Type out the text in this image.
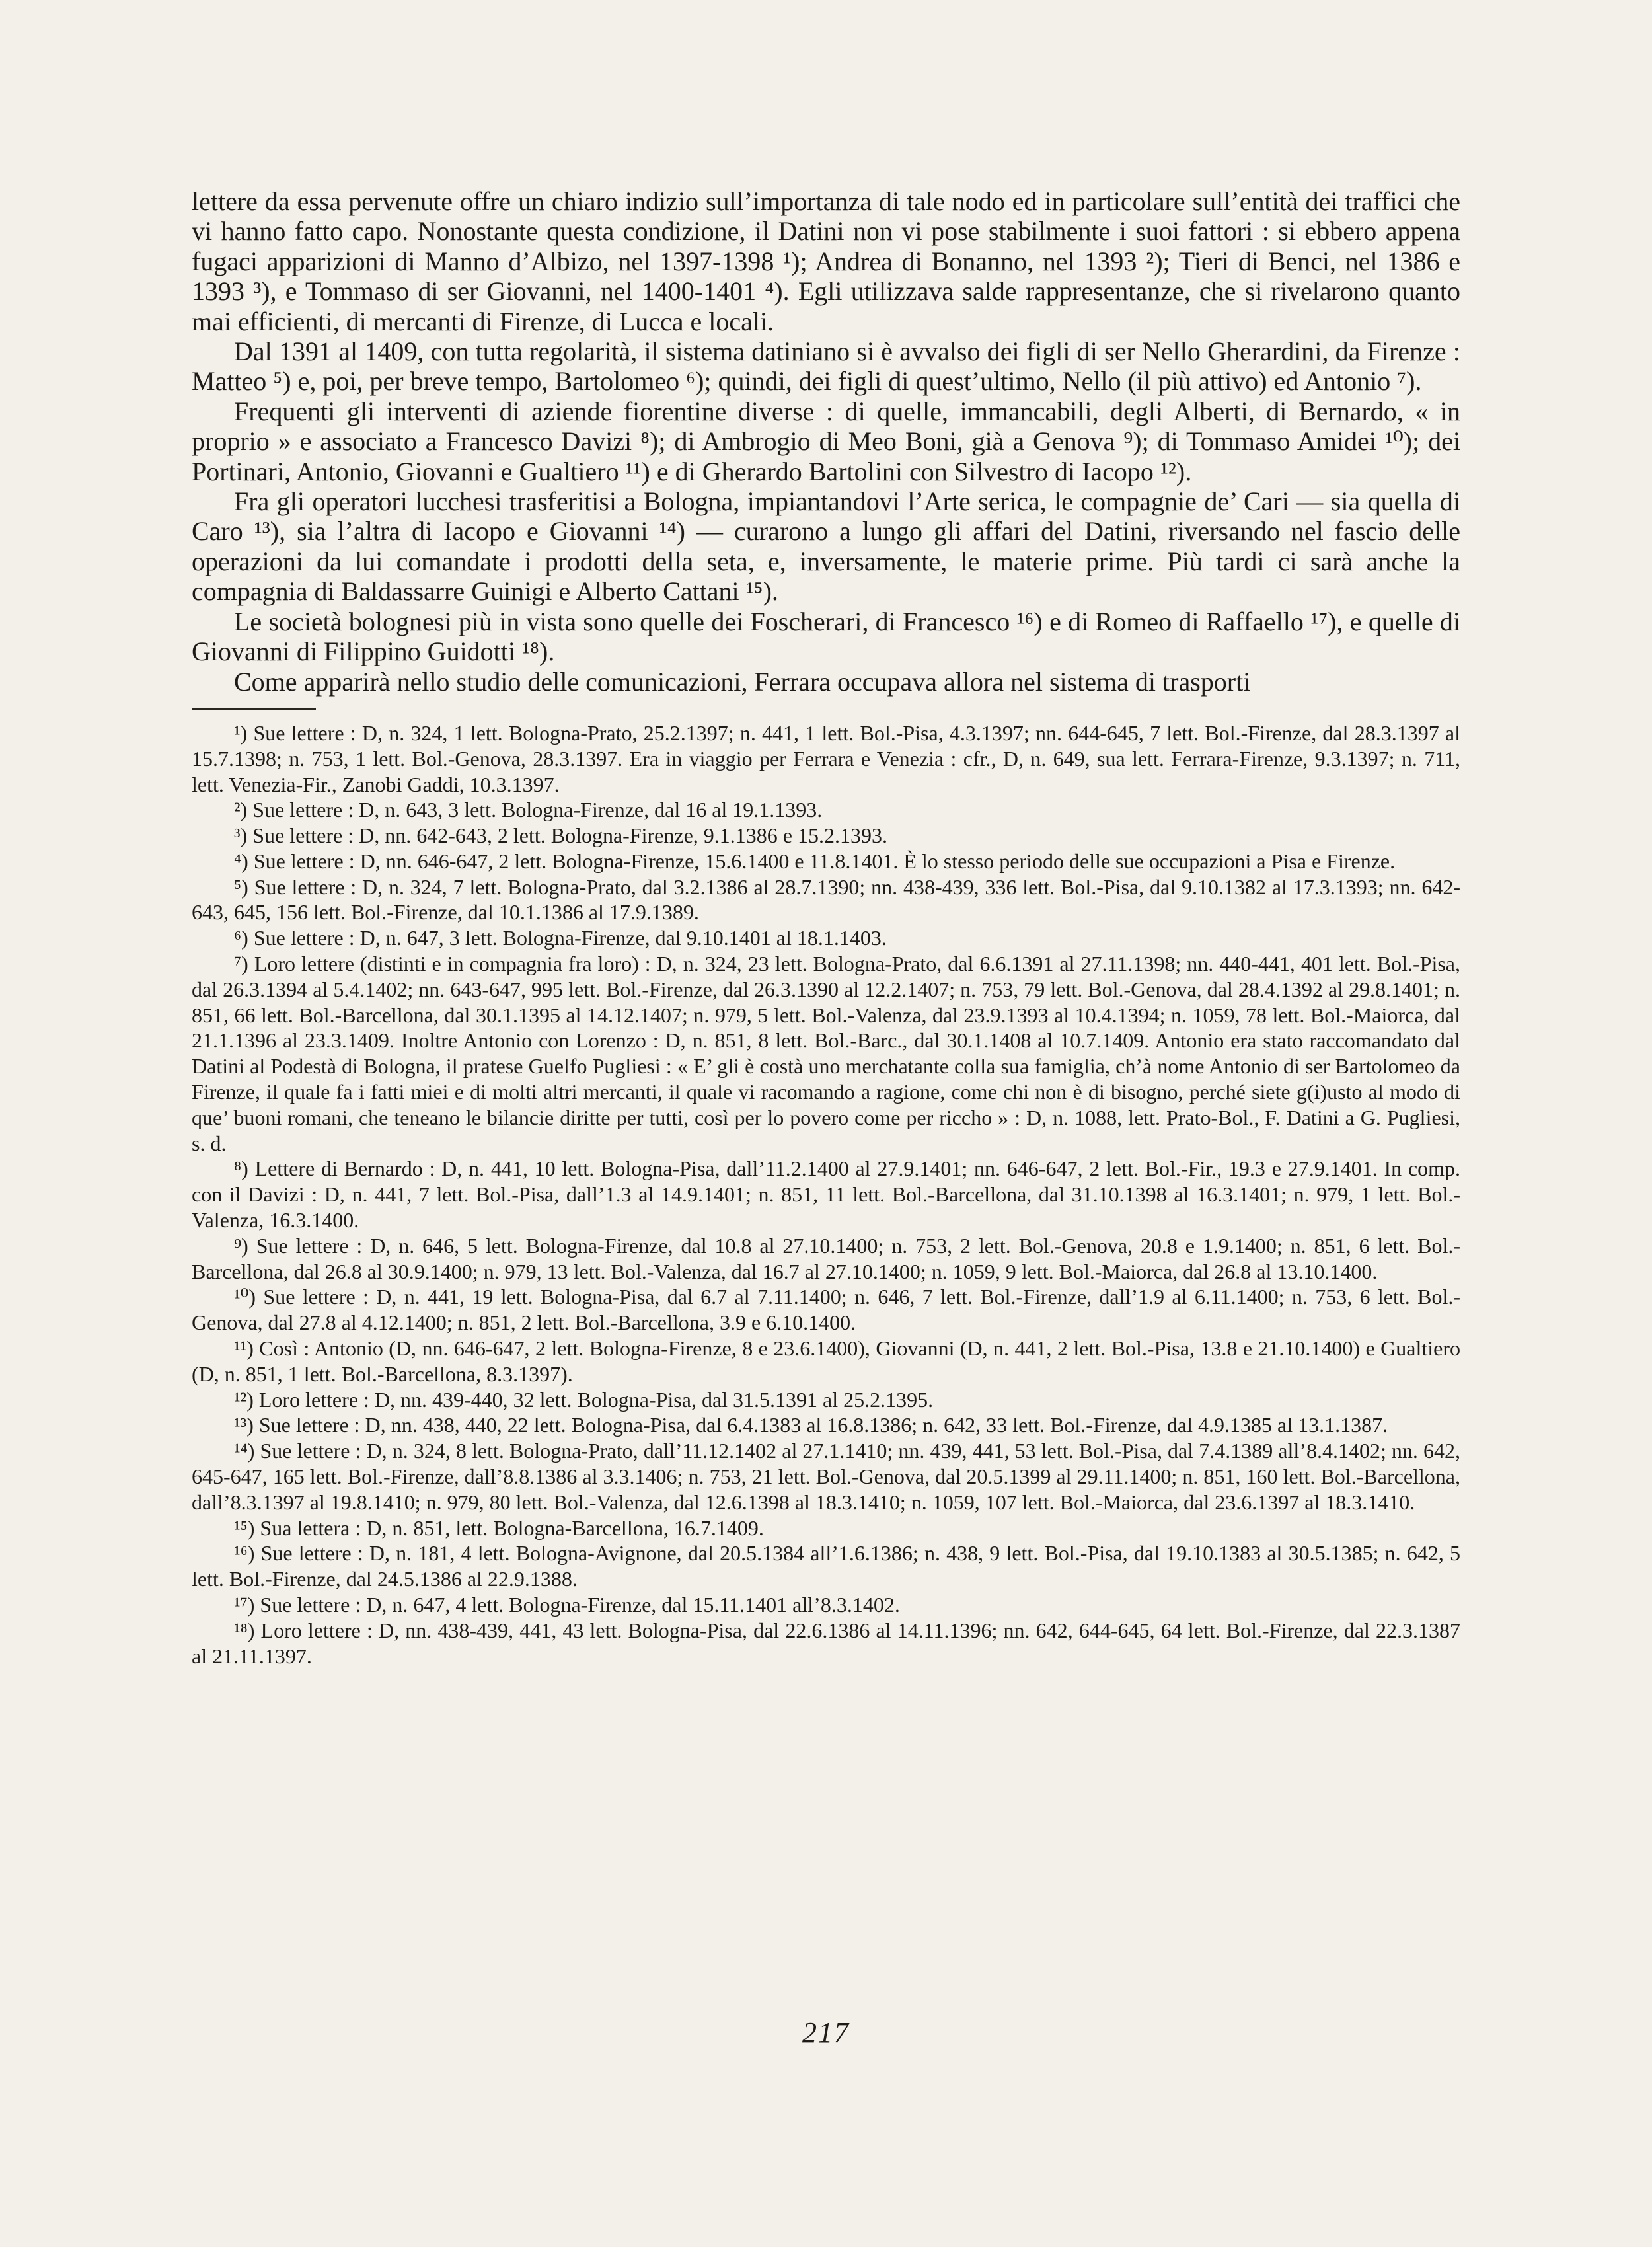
lettere da essa pervenute offre un chiaro indizio sull’importanza di tale nodo ed in particolare sull’entità dei traffici che vi hanno fatto capo. Nonostante questa condizione, il Datini non vi pose stabilmente i suoi fattori : si ebbero appena fugaci apparizioni di Manno d’Albizo, nel 1397-1398 ¹); Andrea di Bonanno, nel 1393 ²); Tieri di Benci, nel 1386 e 1393 ³), e Tommaso di ser Giovanni, nel 1400-1401 ⁴). Egli utilizzava salde rappresentanze, che si rivelarono quanto mai efficienti, di mercanti di Firenze, di Lucca e locali.

Dal 1391 al 1409, con tutta regolarità, il sistema datiniano si è avvalso dei figli di ser Nello Gherardini, da Firenze : Matteo ⁵) e, poi, per breve tempo, Bartolomeo ⁶); quindi, dei figli di quest’ultimo, Nello (il più attivo) ed Antonio ⁷).

Frequenti gli interventi di aziende fiorentine diverse : di quelle, immancabili, degli Alberti, di Bernardo, « in proprio » e associato a Francesco Davizi ⁸); di Ambrogio di Meo Boni, già a Genova ⁹); di Tommaso Amidei ¹⁰); dei Portinari, Antonio, Giovanni e Gualtiero ¹¹) e di Gherardo Bartolini con Silvestro di Iacopo ¹²).

Fra gli operatori lucchesi trasferitisi a Bologna, impiantandovi l’Arte serica, le compagnie de’ Cari — sia quella di Caro ¹³), sia l’altra di Iacopo e Giovanni ¹⁴) — curarono a lungo gli affari del Datini, riversando nel fascio delle operazioni da lui comandate i prodotti della seta, e, inversamente, le materie prime. Più tardi ci sarà anche la compagnia di Baldassarre Guinigi e Alberto Cattani ¹⁵).

Le società bolognesi più in vista sono quelle dei Foscherari, di Francesco ¹⁶) e di Romeo di Raffaello ¹⁷), e quelle di Giovanni di Filippino Guidotti ¹⁸).

Come apparirà nello studio delle comunicazioni, Ferrara occupava allora nel sistema di trasporti

¹) Sue lettere : D, n. 324, 1 lett. Bologna-Prato, 25.2.1397; n. 441, 1 lett. Bol.-Pisa, 4.3.1397; nn. 644-645, 7 lett. Bol.-Firenze, dal 28.3.1397 al 15.7.1398; n. 753, 1 lett. Bol.-Genova, 28.3.1397. Era in viaggio per Ferrara e Venezia : cfr., D, n. 649, sua lett. Ferrara-Firenze, 9.3.1397; n. 711, lett. Venezia-Fir., Zanobi Gaddi, 10.3.1397.

²) Sue lettere : D, n. 643, 3 lett. Bologna-Firenze, dal 16 al 19.1.1393.

³) Sue lettere : D, nn. 642-643, 2 lett. Bologna-Firenze, 9.1.1386 e 15.2.1393.

⁴) Sue lettere : D, nn. 646-647, 2 lett. Bologna-Firenze, 15.6.1400 e 11.8.1401. È lo stesso periodo delle sue occupazioni a Pisa e Firenze.

⁵) Sue lettere : D, n. 324, 7 lett. Bologna-Prato, dal 3.2.1386 al 28.7.1390; nn. 438-439, 336 lett. Bol.-Pisa, dal 9.10.1382 al 17.3.1393; nn. 642-643, 645, 156 lett. Bol.-Firenze, dal 10.1.1386 al 17.9.1389.

⁶) Sue lettere : D, n. 647, 3 lett. Bologna-Firenze, dal 9.10.1401 al 18.1.1403.

⁷) Loro lettere (distinti e in compagnia fra loro) : D, n. 324, 23 lett. Bologna-Prato, dal 6.6.1391 al 27.11.1398; nn. 440-441, 401 lett. Bol.-Pisa, dal 26.3.1394 al 5.4.1402; nn. 643-647, 995 lett. Bol.-Firenze, dal 26.3.1390 al 12.2.1407; n. 753, 79 lett. Bol.-Genova, dal 28.4.1392 al 29.8.1401; n. 851, 66 lett. Bol.-Barcellona, dal 30.1.1395 al 14.12.1407; n. 979, 5 lett. Bol.-Valenza, dal 23.9.1393 al 10.4.1394; n. 1059, 78 lett. Bol.-Maiorca, dal 21.1.1396 al 23.3.1409. Inoltre Antonio con Lorenzo : D, n. 851, 8 lett. Bol.-Barc., dal 30.1.1408 al 10.7.1409. Antonio era stato raccomandato dal Datini al Podestà di Bologna, il pratese Guelfo Pugliesi : « E’ gli è costà uno merchatante colla sua famiglia, ch’à nome Antonio di ser Bartolomeo da Firenze, il quale fa i fatti miei e di molti altri mercanti, il quale vi racomando a ragione, come chi non è di bisogno, perché siete g(i)usto al modo di que’ buoni romani, che teneano le bilancie diritte per tutti, così per lo povero come per riccho » : D, n. 1088, lett. Prato-Bol., F. Datini a G. Pugliesi, s. d.

⁸) Lettere di Bernardo : D, n. 441, 10 lett. Bologna-Pisa, dall’11.2.1400 al 27.9.1401; nn. 646-647, 2 lett. Bol.-Fir., 19.3 e 27.9.1401. In comp. con il Davizi : D, n. 441, 7 lett. Bol.-Pisa, dall’1.3 al 14.9.1401; n. 851, 11 lett. Bol.-Barcellona, dal 31.10.1398 al 16.3.1401; n. 979, 1 lett. Bol.-Valenza, 16.3.1400.

⁹) Sue lettere : D, n. 646, 5 lett. Bologna-Firenze, dal 10.8 al 27.10.1400; n. 753, 2 lett. Bol.-Genova, 20.8 e 1.9.1400; n. 851, 6 lett. Bol.-Barcellona, dal 26.8 al 30.9.1400; n. 979, 13 lett. Bol.-Valenza, dal 16.7 al 27.10.1400; n. 1059, 9 lett. Bol.-Maiorca, dal 26.8 al 13.10.1400.

¹⁰) Sue lettere : D, n. 441, 19 lett. Bologna-Pisa, dal 6.7 al 7.11.1400; n. 646, 7 lett. Bol.-Firenze, dall’1.9 al 6.11.1400; n. 753, 6 lett. Bol.-Genova, dal 27.8 al 4.12.1400; n. 851, 2 lett. Bol.-Barcellona, 3.9 e 6.10.1400.

¹¹) Così : Antonio (D, nn. 646-647, 2 lett. Bologna-Firenze, 8 e 23.6.1400), Giovanni (D, n. 441, 2 lett. Bol.-Pisa, 13.8 e 21.10.1400) e Gualtiero (D, n. 851, 1 lett. Bol.-Barcellona, 8.3.1397).

¹²) Loro lettere : D, nn. 439-440, 32 lett. Bologna-Pisa, dal 31.5.1391 al 25.2.1395.

¹³) Sue lettere : D, nn. 438, 440, 22 lett. Bologna-Pisa, dal 6.4.1383 al 16.8.1386; n. 642, 33 lett. Bol.-Firenze, dal 4.9.1385 al 13.1.1387.

¹⁴) Sue lettere : D, n. 324, 8 lett. Bologna-Prato, dall’11.12.1402 al 27.1.1410; nn. 439, 441, 53 lett. Bol.-Pisa, dal 7.4.1389 all’8.4.1402; nn. 642, 645-647, 165 lett. Bol.-Firenze, dall’8.8.1386 al 3.3.1406; n. 753, 21 lett. Bol.-Genova, dal 20.5.1399 al 29.11.1400; n. 851, 160 lett. Bol.-Barcellona, dall’8.3.1397 al 19.8.1410; n. 979, 80 lett. Bol.-Valenza, dal 12.6.1398 al 18.3.1410; n. 1059, 107 lett. Bol.-Maiorca, dal 23.6.1397 al 18.3.1410.

¹⁵) Sua lettera : D, n. 851, lett. Bologna-Barcellona, 16.7.1409.

¹⁶) Sue lettere : D, n. 181, 4 lett. Bologna-Avignone, dal 20.5.1384 all’1.6.1386; n. 438, 9 lett. Bol.-Pisa, dal 19.10.1383 al 30.5.1385; n. 642, 5 lett. Bol.-Firenze, dal 24.5.1386 al 22.9.1388.

¹⁷) Sue lettere : D, n. 647, 4 lett. Bologna-Firenze, dal 15.11.1401 all’8.3.1402.

¹⁸) Loro lettere : D, nn. 438-439, 441, 43 lett. Bologna-Pisa, dal 22.6.1386 al 14.11.1396; nn. 642, 644-645, 64 lett. Bol.-Firenze, dal 22.3.1387 al 21.11.1397.

217
